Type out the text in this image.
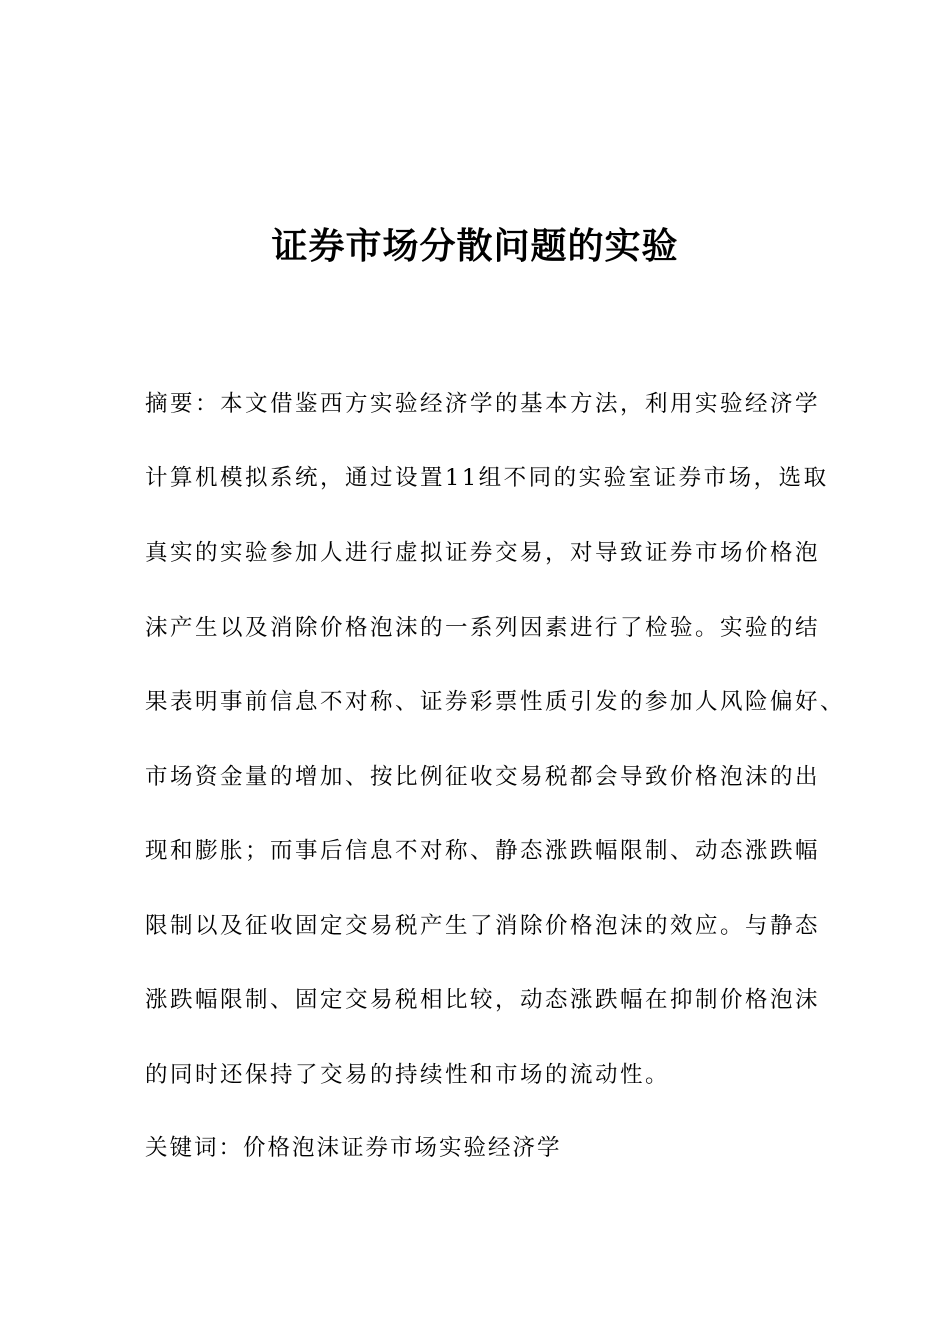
证券市场分散问题的实验
摘要：本文借鉴西方实验经济学的基本方法，利用实验经济学
计算机模拟系统，通过设置11组不同的实验室证券市场，选取
真实的实验参加人进行虚拟证券交易，对导致证券市场价格泡
沫产生以及消除价格泡沫的一系列因素进行了检验。实验的结
果表明事前信息不对称、证券彩票性质引发的参加人风险偏好、
市场资金量的增加、按比例征收交易税都会导致价格泡沫的出
现和膨胀；而事后信息不对称、静态涨跌幅限制、动态涨跌幅
限制以及征收固定交易税产生了消除价格泡沫的效应。与静态
涨跌幅限制、固定交易税相比较，动态涨跌幅在抑制价格泡沫
的同时还保持了交易的持续性和市场的流动性。
关键词：价格泡沫证券市场实验经济学
